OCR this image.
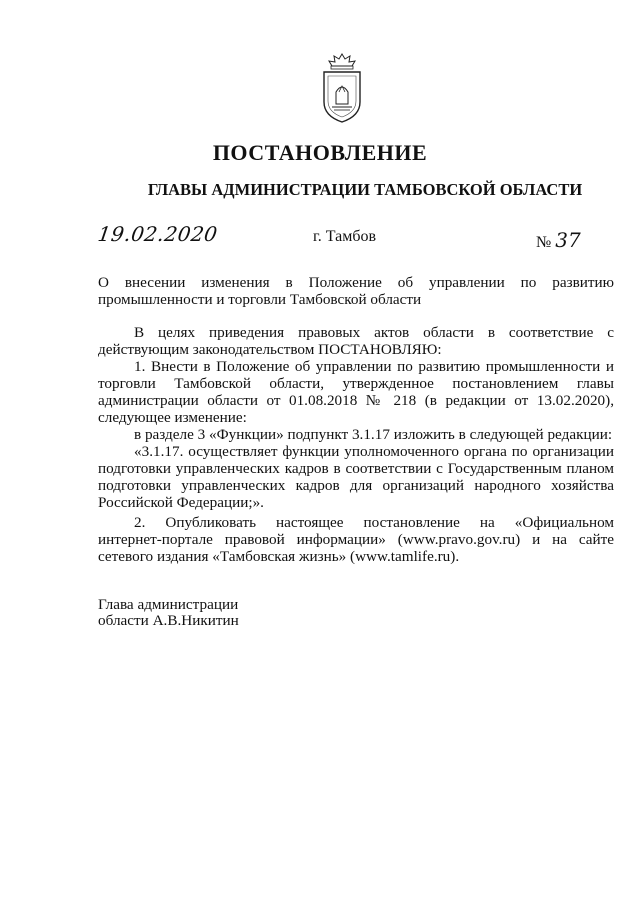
ПОСТАНОВЛЕНИЕ
ГЛАВЫ АДМИНИСТРАЦИИ ТАМБОВСКОЙ ОБЛАСТИ
19.02.2020	г. Тамбов	№ 37
О внесении изменения в Положение об управлении по развитию
промышленности и торговли Тамбовской области
В целях приведения правовых актов области в соответствие с
действующим законодательством ПОСТАНОВЛЯЮ:
1. Внести в Положение об управлении по развитию промышленности и
торговли Тамбовской области, утвержденное постановлением главы
администрации области от 01.08.2018 № 218 (в редакции от 13.02.2020),
следующее изменение:
в разделе 3 «Функции» подпункт 3.1.17 изложить в следующей редакции:
«3.1.17. осуществляет функции уполномоченного органа по организации
подготовки управленческих кадров в соответствии с Государственным планом
подготовки управленческих кадров для организаций народного хозяйства
Российской Федерации;».
2. Опубликовать настоящее постановление на «Официальном
интернет-портале правовой информации» (www.pravo.gov.ru) и на сайте
сетевого издания «Тамбовская жизнь» (www.tamlife.ru).
Глава администрации
области А.В.Никитин
